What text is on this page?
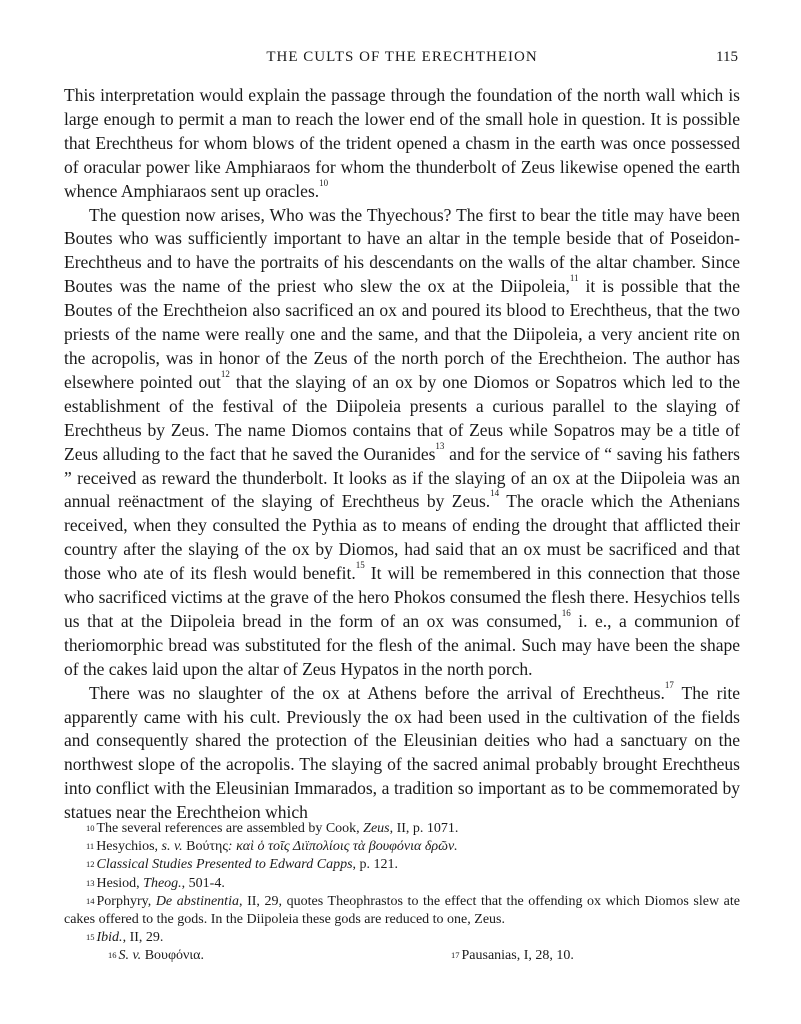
THE CULTS OF THE ERECHTHEION	115

This interpretation would explain the passage through the foundation of the north wall which is large enough to permit a man to reach the lower end of the small hole in question. It is possible that Erechtheus for whom blows of the trident opened a chasm in the earth was once possessed of oracular power like Amphiaraos for whom the thunderbolt of Zeus likewise opened the earth whence Amphiaraos sent up oracles.$^{10}$

The question now arises, Who was the Thyechous? The first to bear the title may have been Boutes who was sufficiently important to have an altar in the temple beside that of Poseidon-Erechtheus and to have the portraits of his descendants on the walls of the altar chamber. Since Boutes was the name of the priest who slew the ox at the Diipoleia,$^{11}$ it is possible that the Boutes of the Erechtheion also sacrificed an ox and poured its blood to Erechtheus, that the two priests of the name were really one and the same, and that the Diipoleia, a very ancient rite on the acropolis, was in honor of the Zeus of the north porch of the Erechtheion. The author has elsewhere pointed out$^{12}$ that the slaying of an ox by one Diomos or Sopatros which led to the establishment of the festival of the Diipoleia presents a curious parallel to the slaying of Erechtheus by Zeus. The name Diomos contains that of Zeus while Sopatros may be a title of Zeus alluding to the fact that he saved the Ouranides$^{13}$ and for the service of “ saving his fathers ” received as reward the thunderbolt. It looks as if the slaying of an ox at the Diipoleia was an annual reënactment of the slaying of Erechtheus by Zeus.$^{14}$ The oracle which the Athenians received, when they consulted the Pythia as to means of ending the drought that afflicted their country after the slaying of the ox by Diomos, had said that an ox must be sacrificed and that those who ate of its flesh would benefit.$^{15}$ It will be remembered in this connection that those who sacrificed victims at the grave of the hero Phokos consumed the flesh there. Hesychios tells us that at the Diipoleia bread in the form of an ox was consumed,$^{16}$ i. e., a communion of theriomorphic bread was substituted for the flesh of the animal. Such may have been the shape of the cakes laid upon the altar of Zeus Hypatos in the north porch.

There was no slaughter of the ox at Athens before the arrival of Erechtheus.$^{17}$ The rite apparently came with his cult. Previously the ox had been used in the cultivation of the fields and consequently shared the protection of the Eleusinian deities who had a sanctuary on the northwest slope of the acropolis. The slaying of the sacred animal probably brought Erechtheus into conflict with the Eleusinian Immarados, a tradition so important as to be commemorated by statues near the Erechtheion which

$^{10}$ The several references are assembled by Cook, Zeus, II, p. 1071.

$^{11}$ Hesychios, s. v. Βούτης: καὶ ὁ τοῖς Διϊπολίοις τὰ βουφόνια δρῶν.

$^{12}$ Classical Studies Presented to Edward Capps, p. 121.

$^{13}$ Hesiod, Theog., 501-4.

$^{14}$ Porphyry, De abstinentia, II, 29, quotes Theophrastos to the effect that the offending ox which Diomos slew ate cakes offered to the gods. In the Diipoleia these gods are reduced to one, Zeus.

$^{15}$ Ibid., II, 29.

$^{16}$ S. v. Βουφόνια.	$^{17}$ Pausanias, I, 28, 10.
